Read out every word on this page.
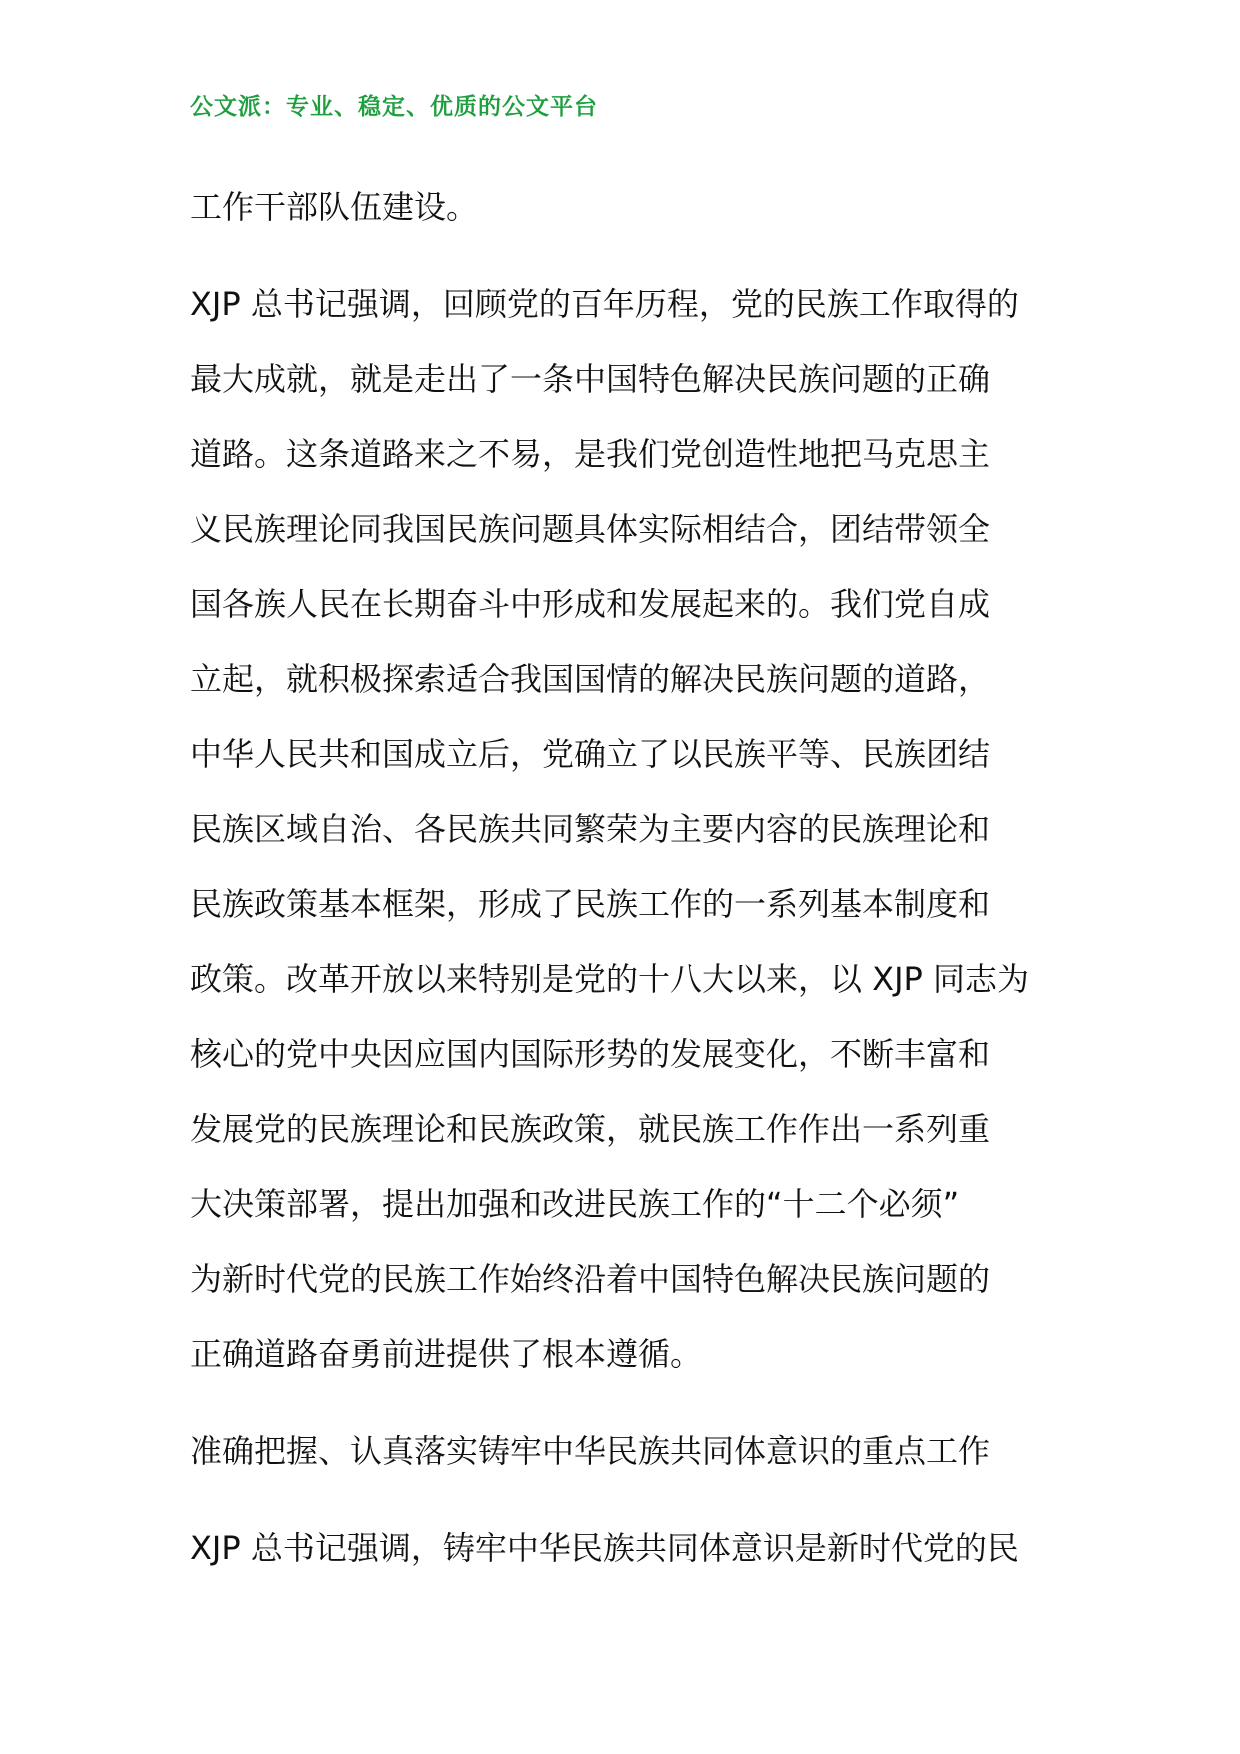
公文派：专业、稳定、优质的公文平台
工作干部队伍建设。
XJP 总书记强调，回顾党的百年历程，党的民族工作取得的
最大成就，就是走出了一条中国特色解决民族问题的正确
道路。这条道路来之不易，是我们党创造性地把马克思主
义民族理论同我国民族问题具体实际相结合，团结带领全
国各族人民在长期奋斗中形成和发展起来的。我们党自成
立起，就积极探索适合我国国情的解决民族问题的道路，
中华人民共和国成立后，党确立了以民族平等、民族团结
民族区域自治、各民族共同繁荣为主要内容的民族理论和
民族政策基本框架，形成了民族工作的一系列基本制度和
政策。改革开放以来特别是党的十八大以来，以 XJP 同志为
核心的党中央因应国内国际形势的发展变化，不断丰富和
发展党的民族理论和民族政策，就民族工作作出一系列重
大决策部署，提出加强和改进民族工作的“十二个必须”
为新时代党的民族工作始终沿着中国特色解决民族问题的
正确道路奋勇前进提供了根本遵循。
准确把握、认真落实铸牢中华民族共同体意识的重点工作
XJP 总书记强调，铸牢中华民族共同体意识是新时代党的民
